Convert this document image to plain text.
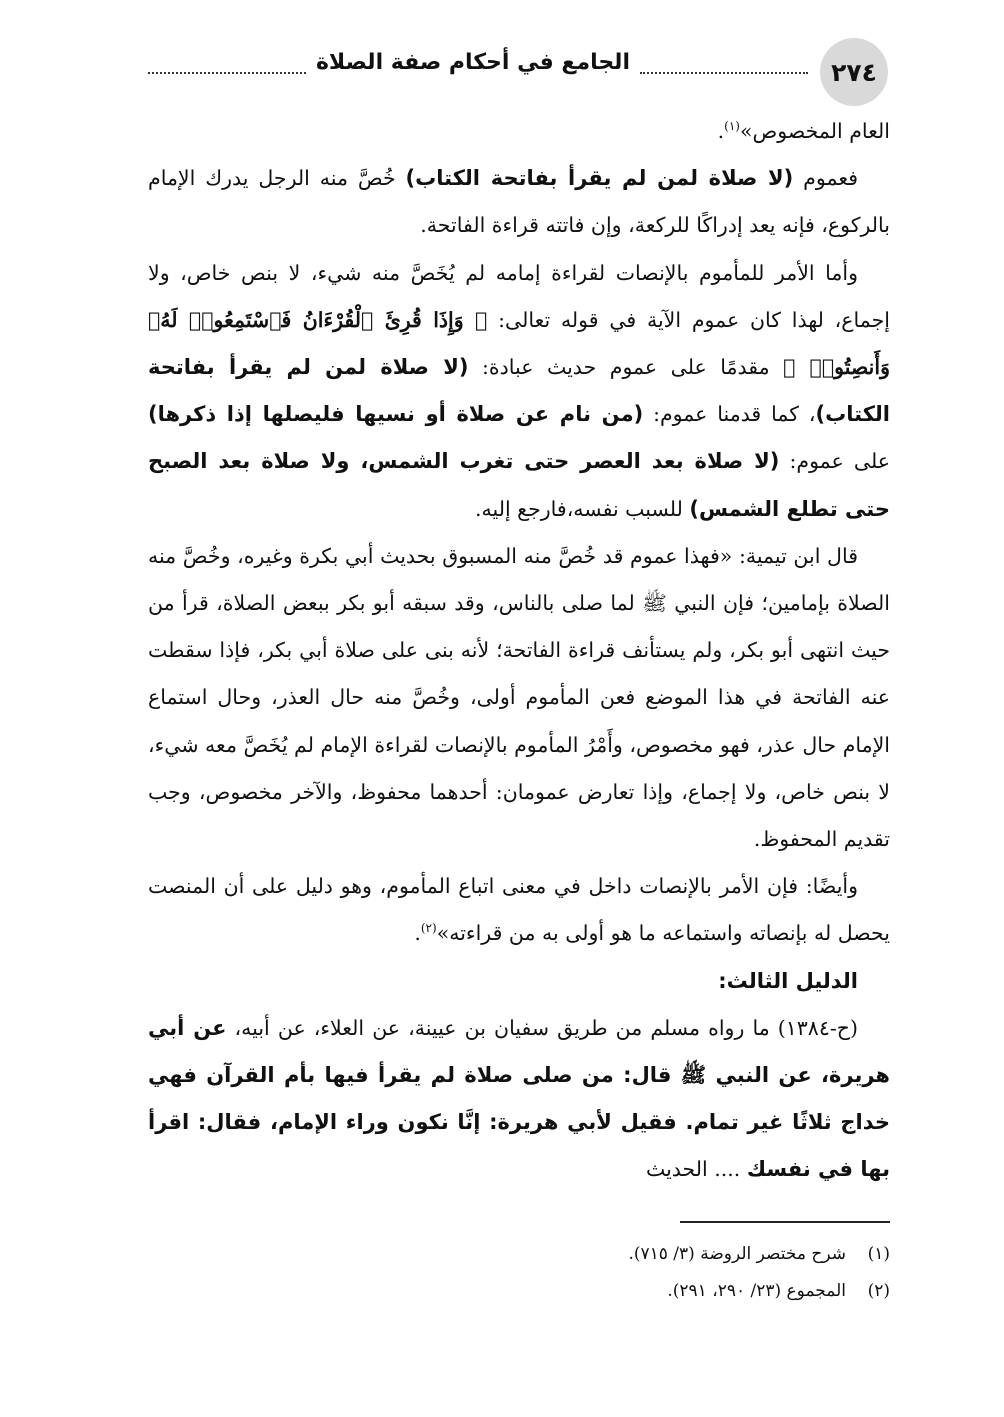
الجامع في أحكام صفة الصلاة	٢٧٤

العام المخصوص»$^{(١)}$.

فعموم (لا صلاة لمن لم يقرأ بفاتحة الكتاب) خُصَّ منه الرجل يدرك الإمام بالركوع، فإنه يعد إدراكًا للركعة، وإن فاتته قراءة الفاتحة.

وأما الأمر للمأموم بالإنصات لقراءة إمامه لم يُخَصَّ منه شيء، لا بنص خاص، ولا إجماع، لهذا كان عموم الآية في قوله تعالى: ﴿ وَإِذَا قُرِئَ ٱلْقُرْءَانُ فَٱسْتَمِعُوا۟ لَهُۥ وَأَنصِتُوا۟ ﴾ مقدمًا على عموم حديث عبادة: (لا صلاة لمن لم يقرأ بفاتحة الكتاب)، كما قدمنا عموم: (من نام عن صلاة أو نسيها فليصلها إذا ذكرها) على عموم: (لا صلاة بعد العصر حتى تغرب الشمس، ولا صلاة بعد الصبح حتى تطلع الشمس) للسبب نفسه،فارجع إليه.

قال ابن تيمية: «فهذا عموم قد خُصَّ منه المسبوق بحديث أبي بكرة وغيره، وخُصَّ منه الصلاة بإمامين؛ فإن النبي ﷺ لما صلى بالناس، وقد سبقه أبو بكر ببعض الصلاة، قرأ من حيث انتهى أبو بكر، ولم يستأنف قراءة الفاتحة؛ لأنه بنى على صلاة أبي بكر، فإذا سقطت عنه الفاتحة في هذا الموضع فعن المأموم أولى، وخُصَّ منه حال العذر، وحال استماع الإمام حال عذر، فهو مخصوص، وأَمْرُ المأموم بالإنصات لقراءة الإمام لم يُخَصَّ معه شيء، لا بنص خاص، ولا إجماع، وإذا تعارض عمومان: أحدهما محفوظ، والآخر مخصوص، وجب تقديم المحفوظ.

وأيضًا: فإن الأمر بالإنصات داخل في معنى اتباع المأموم، وهو دليل على أن المنصت يحصل له بإنصاته واستماعه ما هو أولى به من قراءته»$^{(٢)}$.

الدليل الثالث:

(ح-١٣٨٤) ما رواه مسلم من طريق سفيان بن عيينة، عن العلاء، عن أبيه، عن أبي هريرة، عن النبي ﷺ قال: من صلى صلاة لم يقرأ فيها بأم القرآن فهي خداج ثلاثًا غير تمام. فقيل لأبي هريرة: إنَّا نكون وراء الإمام، فقال: اقرأ بها في نفسك .... الحديث

(١)شرح مختصر الروضة (٣/ ٧١٥).

(٢)المجموع (٢٣/ ٢٩٠، ٢٩١).
